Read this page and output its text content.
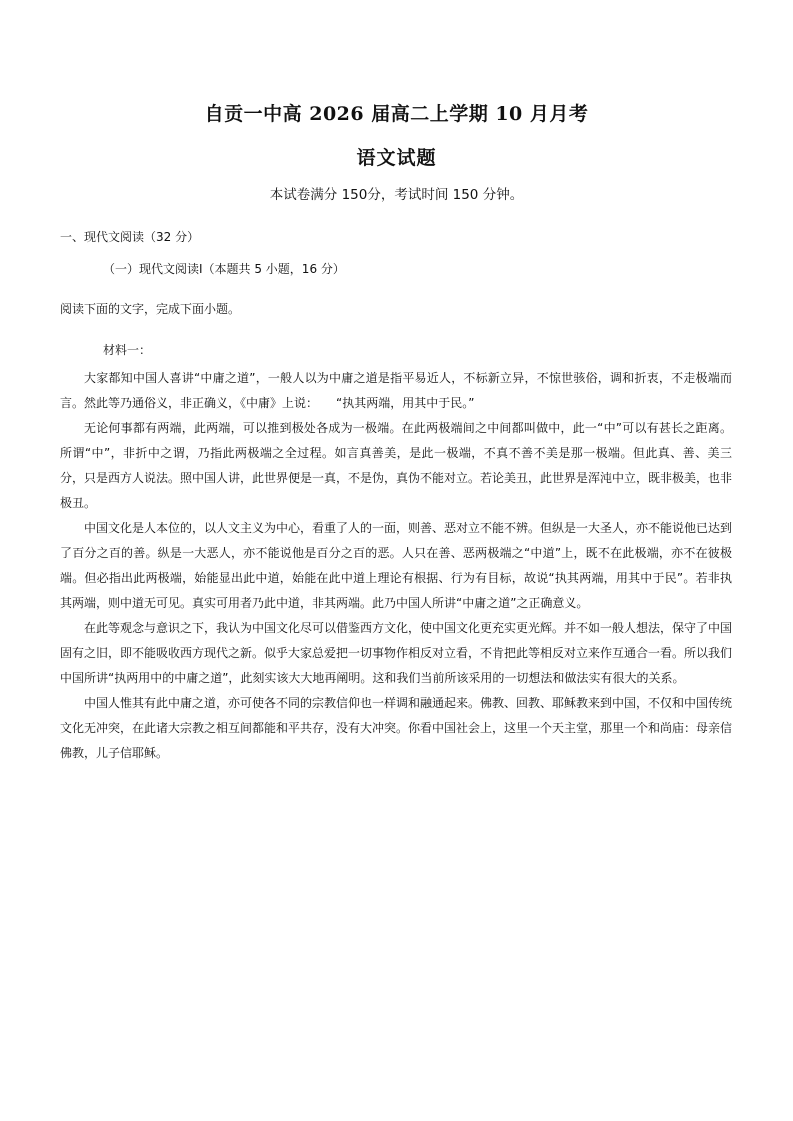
自贡一中高 2026 届高二上学期 10 月月考
语文试题
本试卷满分 150分，考试时间 150 分钟。
一、现代文阅读（32 分）
（一）现代文阅读Ⅰ（本题共 5 小题，16 分）
阅读下面的文字，完成下面小题。
材料一：

大家都知中国人喜讲“中庸之道”，一般人以为中庸之道是指平易近人，不标新立异，不惊世骇俗，调和折衷，不走极端而言。然此等乃通俗义，非正确义，《中庸》上说：　　“执其两端，用其中于民。”

无论何事都有两端，此两端，可以推到极处各成为一极端。在此两极端间之中间都叫做中，此一“中”可以有甚长之距离。所谓“中”，非折中之谓，乃指此两极端之全过程。如言真善美，是此一极端，不真不善不美是那一极端。但此真、善、美三分，只是西方人说法。照中国人讲，此世界便是一真，不是伪，真伪不能对立。若论美丑，此世界是浑沌中立，既非极美，也非极丑。

中国文化是人本位的，以人文主义为中心，看重了人的一面，则善、恶对立不能不辨。但纵是一大圣人，亦不能说他已达到了百分之百的善。纵是一大恶人，亦不能说他是百分之百的恶。人只在善、恶两极端之“中道”上，既不在此极端，亦不在彼极端。但必指出此两极端，始能显出此中道，始能在此中道上理论有根据、行为有目标，故说“执其两端，用其中于民”。若非执其两端，则中道无可见。真实可用者乃此中道，非其两端。此乃中国人所讲“中庸之道”之正确意义。

在此等观念与意识之下，我认为中国文化尽可以借鉴西方文化，使中国文化更充实更光辉。并不如一般人想法，保守了中国固有之旧，即不能吸收西方现代之新。似乎大家总爱把一切事物作相反对立看，不肯把此等相反对立来作互通合一看。所以我们中国所讲“执两用中的中庸之道”，此刻实该大大地再阐明。这和我们当前所该采用的一切想法和做法实有很大的关系。

中国人惟其有此中庸之道，亦可使各不同的宗教信仰也一样调和融通起来。佛教、回教、耶稣教来到中国，不仅和中国传统文化无冲突，在此诸大宗教之相互间都能和平共存，没有大冲突。你看中国社会上，这里一个天主堂，那里一个和尚庙：母亲信佛教，儿子信耶稣。
